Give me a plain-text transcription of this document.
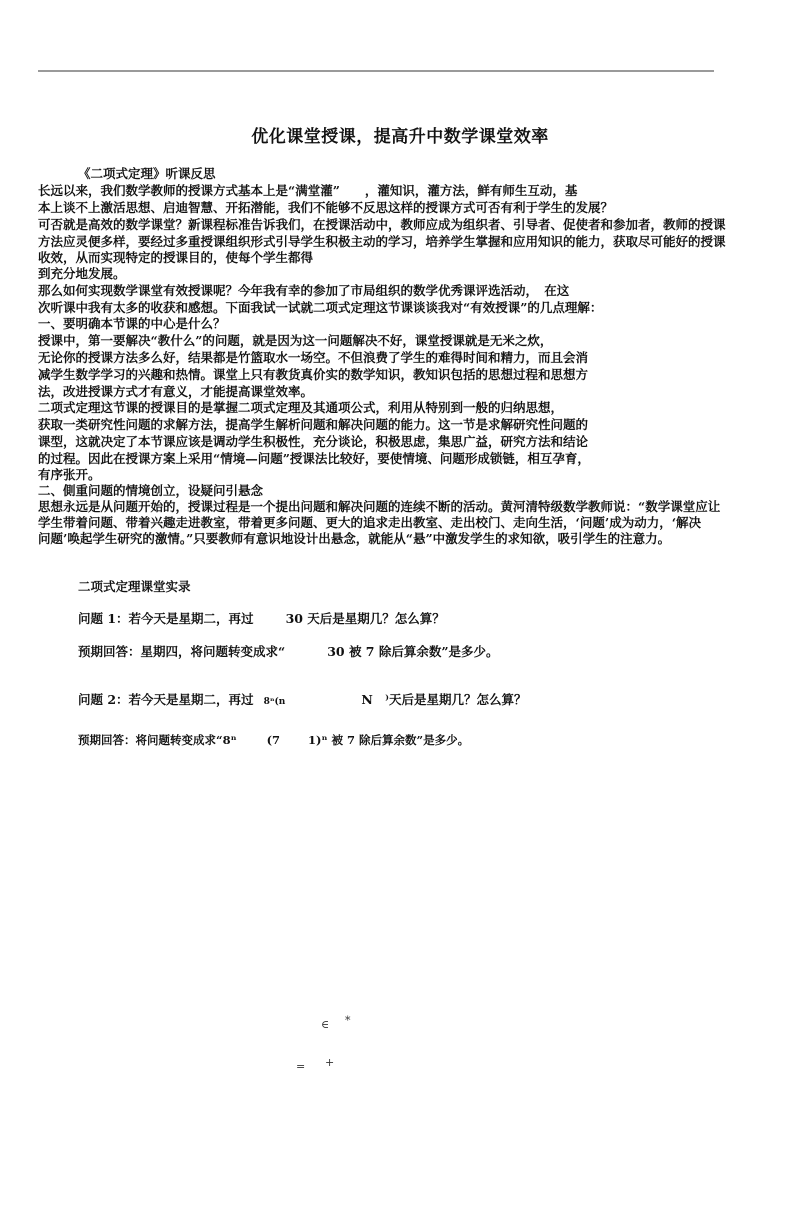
优化课堂授课，提高升中数学课堂效率
《二项式定理》听课反思
长远以来，我们数学教师的授课方式基本上是“满堂灌”　　，灌知识，灌方法，鲜有师生互动，基
本上谈不上激活思想、启迪智慧、开拓潜能，我们不能够不反思这样的授课方式可否有利于学生的发展？
可否就是高效的数学课堂？新课程标准告诉我们，在授课活动中，教师应成为组织者、引导者、促使者和参加者，教师的授课
方法应灵便多样，要经过多重授课组织形式引导学生积极主动的学习，培养学生掌握和应用知识的能力，获取尽可能好的授课
收效，从而实现特定的授课目的，使每个学生都得
到充分地发展。
那么如何实现数学课堂有效授课呢？今年我有幸的参加了市局组织的数学优秀课评选活动，　在这
次听课中我有太多的收获和感想。下面我试一试就二项式定理这节课谈谈我对“有效授课”的几点理解：
一、要明确本节课的中心是什么？
授课中，第一要解决“教什么”的问题，就是因为这一问题解决不好，课堂授课就是无米之炊，
无论你的授课方法多么好，结果都是竹篮取水一场空。不但浪费了学生的难得时间和精力，而且会消
减学生数学学习的兴趣和热情。课堂上只有教货真价实的数学知识，教知识包括的思想过程和思想方
法，改进授课方式才有意义，才能提高课堂效率。
二项式定理这节课的授课目的是掌握二项式定理及其通项公式，利用从特别到一般的归纳思想，
获取一类研究性问题的求解方法，提高学生解析问题和解决问题的能力。这一节是求解研究性问题的
课型，这就决定了本节课应该是调动学生积极性，充分谈论，积极思虑，集思广益，研究方法和结论
的过程。因此在授课方案上采用“情境—问题”授课法比较好，要使情境、问题形成锁链，相互孕育，
有序张开。
二、側重问题的情境创立，设疑问引悬念
思想永远是从问题开始的，授课过程是一个提出问题和解决问题的连续不断的活动。黄河清特级数学教师说：“数学课堂应让
学生带着问题、带着兴趣走进教室，带着更多问题、更大的追求走出教室、走出校门、走向生活，‘问题’成为动力，‘解决
问题’唤起学生研究的激情。”只要教师有意识地设计出悬念，就能从“悬”中激发学生的求知欲，吸引学生的注意力。
二项式定理课堂实录
问题 1：若今天是星期二，再过	30 天后是星期几？怎么算？
预期回答：星期四，将问题转变成求“	30 被 7 除后算余数”是多少。
问题 2：若今天是星期二，再过 8ⁿ(n	N　⁾天后是星期几？怎么算？
预期回答：将问题转变成求“8ⁿ	(7 1)ⁿ 被 7 除后算余数”是多少。
∈ *
= +
